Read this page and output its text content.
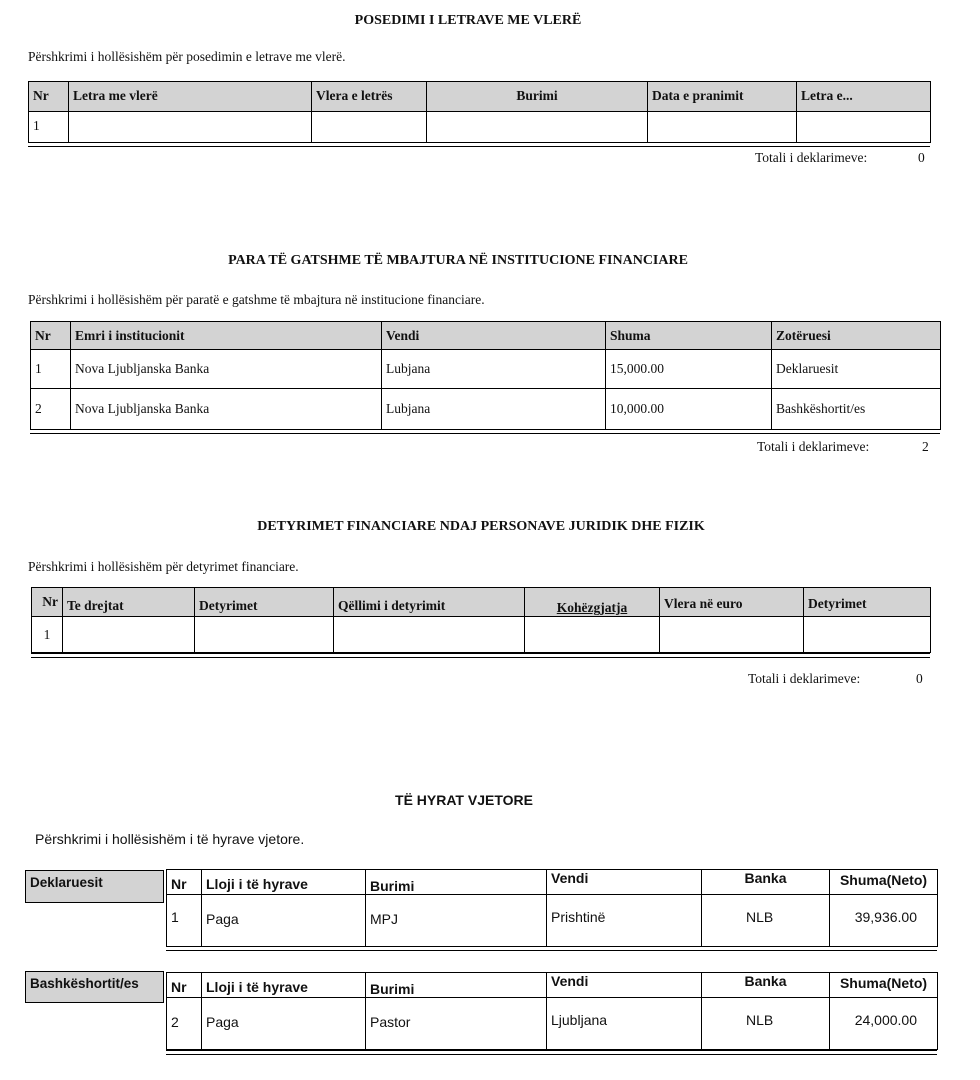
POSEDIMI I LETRAVE ME VLERË
Përshkrimi i hollësishëm për posedimin e letrave me vlerë.
Nr	Letra me vlerë	Vlera e letrës	Burimi	Data e pranimit	Letra e...
1					
Totali i deklarimeve:	0
PARA TË GATSHME TË MBAJTURA NË INSTITUCIONE FINANCIARE
Përshkrimi i hollësishëm për paratë e gatshme të mbajtura në institucione financiare.
Nr	Emri i institucionit	Vendi	Shuma	Zotëruesi
1	Nova Ljubljanska Banka	Lubjana	15,000.00	Deklaruesit
2	Nova Ljubljanska Banka	Lubjana	10,000.00	Bashkëshortit/es
Totali i deklarimeve:	2
DETYRIMET FINANCIARE NDAJ PERSONAVE JURIDIK DHE FIZIK
Përshkrimi i hollësishëm për detyrimet financiare.
Nr	Te drejtat	Detyrimet	Qëllimi i detyrimit	Kohëzgjatja	Vlera në euro	Detyrimet
1						
Totali i deklarimeve:	0
TË HYRAT VJETORE
Përshkrimi i hollësishëm i të hyrave vjetore.
Deklaruesit	Nr	Lloji i të hyrave	Burimi	Vendi	Banka	Shuma(Neto)
1	Paga	MPJ	Prishtinë	NLB	39,936.00
Bashkëshortit/es	Nr	Lloji i të hyrave	Burimi	Vendi	Banka	Shuma(Neto)
2	Paga	Pastor	Ljubljana	NLB	24,000.00
